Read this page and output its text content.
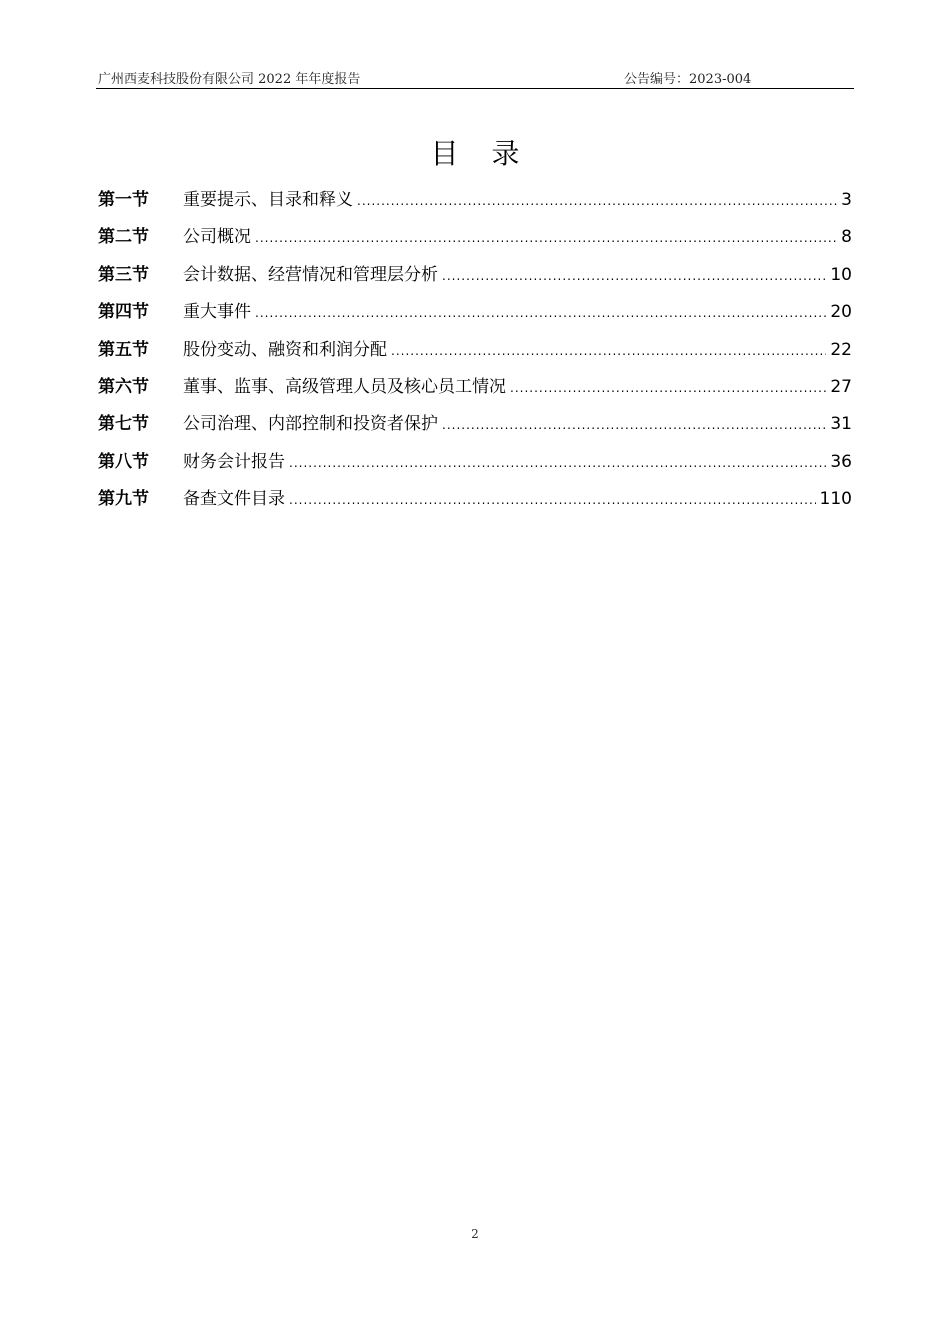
广州西麦科技股份有限公司 2022 年年度报告	公告编号：2023-004
目 录
第一节	重要提示、目录和释义 .....	3
第二节	公司概况 .....	8
第三节	会计数据、经营情况和管理层分析 .....	10
第四节	重大事件 .....	20
第五节	股份变动、融资和利润分配 .....	22
第六节	董事、监事、高级管理人员及核心员工情况 .....	27
第七节	公司治理、内部控制和投资者保护 .....	31
第八节	财务会计报告 .....	36
第九节	备查文件目录 .....	110
2
